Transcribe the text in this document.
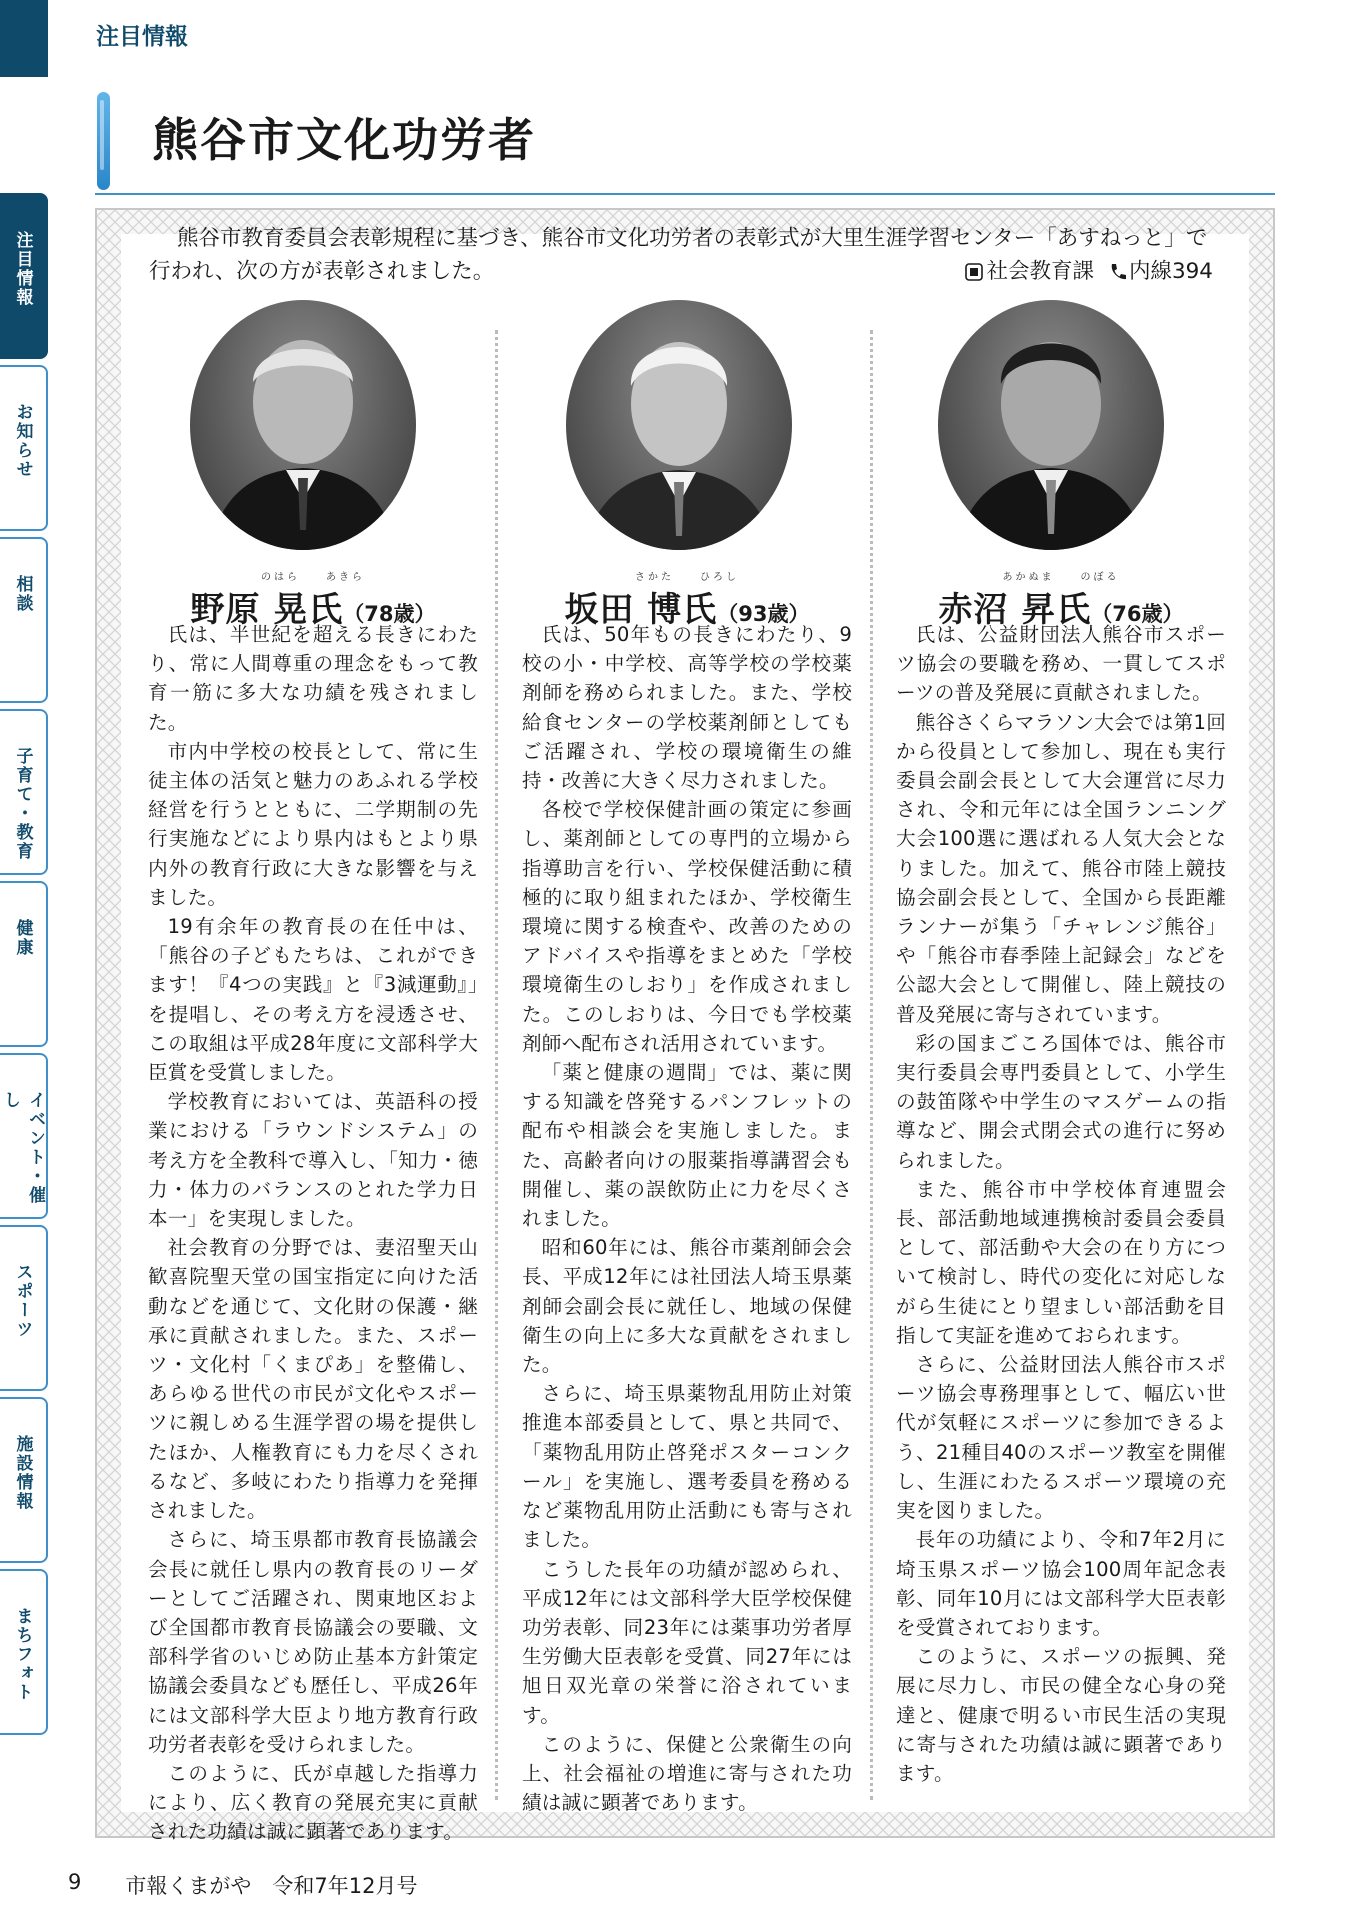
注目情報
お知らせ
相談
子育て・教育
健康
イベント・催し
スポーツ
施設情報
まちフォト
注目情報
熊谷市文化功労者
熊谷市教育委員会表彰規程に基づき、熊谷市文化功労者の表彰式が大里生涯学習センター「あすねっと」で行われ、次の方が表彰されました。	社会教育課	内線394
のはら　　	あきら
野原 晃氏（78歳）

氏は、半世紀を超える長きにわたり、常に人間尊重の理念をもって教育一筋に多大な功績を残されました。

市内中学校の校長として、常に生徒主体の活気と魅力のあふれる学校経営を行うとともに、二学期制の先行実施などにより県内はもとより県内外の教育行政に大きな影響を与えました。

19有余年の教育長の在任中は、「熊谷の子どもたちは、これができます！『4つの実践』と『3減運動』」を提唱し、その考え方を浸透させ、この取組は平成28年度に文部科学大臣賞を受賞しました。

学校教育においては、英語科の授業における「ラウンドシステム」の考え方を全教科で導入し、「知力・徳力・体力のバランスのとれた学力日本一」を実現しました。

社会教育の分野では、妻沼聖天山歓喜院聖天堂の国宝指定に向けた活動などを通じて、文化財の保護・継承に貢献されました。また、スポーツ・文化村「くまぴあ」を整備し、あらゆる世代の市民が文化やスポーツに親しめる生涯学習の場を提供したほか、人権教育にも力を尽くされるなど、多岐にわたり指導力を発揮されました。

さらに、埼玉県都市教育長協議会会長に就任し県内の教育長のリーダーとしてご活躍され、関東地区および全国都市教育長協議会の要職、文部科学省のいじめ防止基本方針策定協議会委員なども歴任し、平成26年には文部科学大臣より地方教育行政功労者表彰を受けられました。

このように、氏が卓越した指導力により、広く教育の発展充実に貢献された功績は誠に顕著であります。

さかた　　	ひろし
坂田 博氏（93歳）

氏は、50年もの長きにわたり、9校の小・中学校、高等学校の学校薬剤師を務められました。また、学校給食センターの学校薬剤師としてもご活躍され、学校の環境衛生の維持・改善に大きく尽力されました。

各校で学校保健計画の策定に参画し、薬剤師としての専門的立場から指導助言を行い、学校保健活動に積極的に取り組まれたほか、学校衛生環境に関する検査や、改善のためのアドバイスや指導をまとめた「学校環境衛生のしおり」を作成されました。このしおりは、今日でも学校薬剤師へ配布され活用されています。

「薬と健康の週間」では、薬に関する知識を啓発するパンフレットの配布や相談会を実施しました。また、高齢者向けの服薬指導講習会も開催し、薬の誤飲防止に力を尽くされました。

昭和60年には、熊谷市薬剤師会会長、平成12年には社団法人埼玉県薬剤師会副会長に就任し、地域の保健衛生の向上に多大な貢献をされました。

さらに、埼玉県薬物乱用防止対策推進本部委員として、県と共同で、「薬物乱用防止啓発ポスターコンクール」を実施し、選考委員を務めるなど薬物乱用防止活動にも寄与されました。

こうした長年の功績が認められ、平成12年には文部科学大臣学校保健功労表彰、同23年には薬事功労者厚生労働大臣表彰を受賞、同27年には旭日双光章の栄誉に浴されています。

このように、保健と公衆衛生の向上、社会福祉の増進に寄与された功績は誠に顕著であります。

あかぬま　　	のぼる
赤沼 昇氏（76歳）

氏は、公益財団法人熊谷市スポーツ協会の要職を務め、一貫してスポーツの普及発展に貢献されました。

熊谷さくらマラソン大会では第1回から役員として参加し、現在も実行委員会副会長として大会運営に尽力され、令和元年には全国ランニング大会100選に選ばれる人気大会となりました。加えて、熊谷市陸上競技協会副会長として、全国から長距離ランナーが集う「チャレンジ熊谷」や「熊谷市春季陸上記録会」などを公認大会として開催し、陸上競技の普及発展に寄与されています。

彩の国まごころ国体では、熊谷市実行委員会専門委員として、小学生の鼓笛隊や中学生のマスゲームの指導など、開会式閉会式の進行に努められました。

また、熊谷市中学校体育連盟会長、部活動地域連携検討委員会委員として、部活動や大会の在り方について検討し、時代の変化に対応しながら生徒にとり望ましい部活動を目指して実証を進めておられます。

さらに、公益財団法人熊谷市スポーツ協会専務理事として、幅広い世代が気軽にスポーツに参加できるよう、21種目40のスポーツ教室を開催し、生涯にわたるスポーツ環境の充実を図りました。

長年の功績により、令和7年2月に埼玉県スポーツ協会100周年記念表彰、同年10月には文部科学大臣表彰を受賞されております。

このように、スポーツの振興、発展に尽力し、市民の健全な心身の発達と、健康で明るい市民生活の実現に寄与された功績は誠に顕著であります。

9 市報くまがや　令和7年12月号
